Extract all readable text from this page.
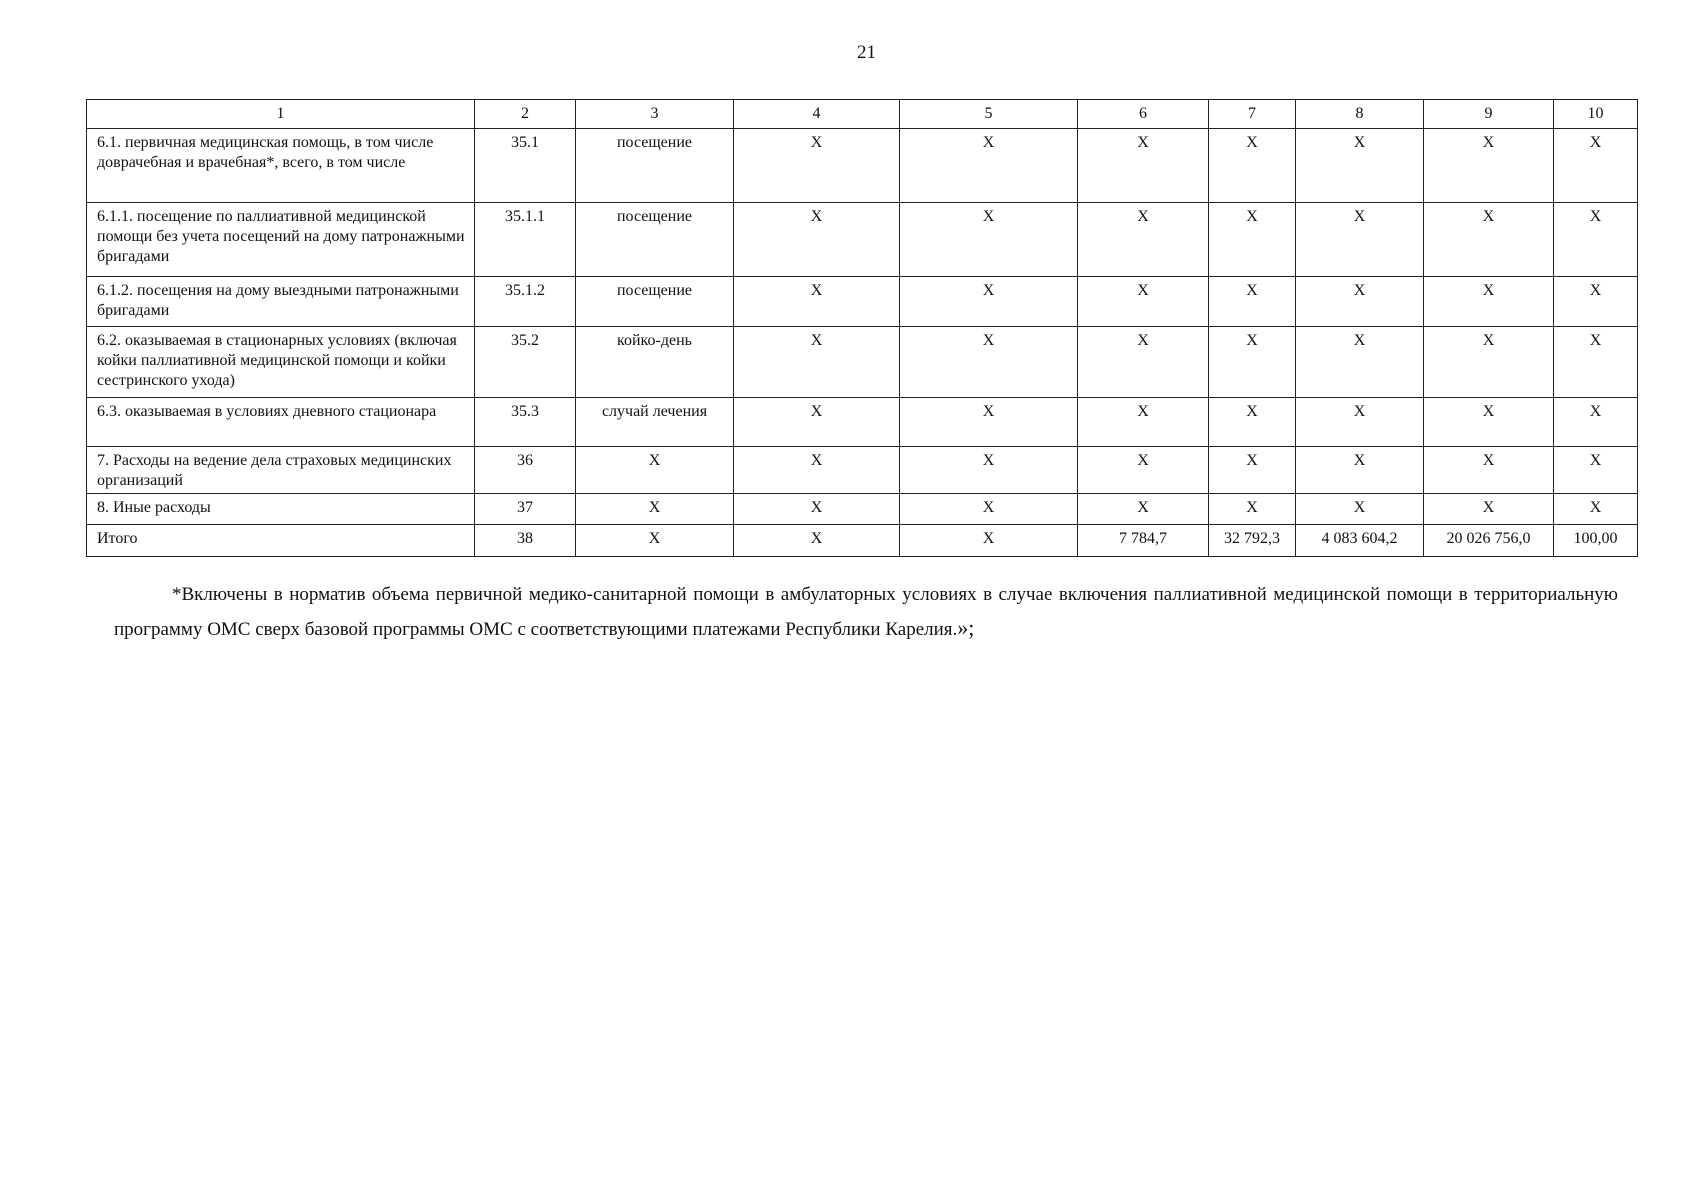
21
1	2	3	4	5	6	7	8	9	10
6.1. первичная медицинская помощь, в том числе доврачебная и врачебная*, всего, в том числе	35.1	посещение	X	X	X	X	X	X	X
6.1.1. посещение по паллиативной медицинской помощи без учета посещений на дому патронажными бригадами	35.1.1	посещение	X	X	X	X	X	X	X
6.1.2. посещения на дому выездными патронажными бригадами	35.1.2	посещение	X	X	X	X	X	X	X
6.2. оказываемая в стационарных условиях (включая койки паллиативной медицинской помощи и койки сестринского ухода)	35.2	койко-день	X	X	X	X	X	X	X
6.3. оказываемая в условиях дневного стационара	35.3	случай лечения	X	X	X	X	X	X	X
7. Расходы на ведение дела страховых медицинских организаций	36	X	X	X	X	X	X	X	X
8. Иные расходы	37	X	X	X	X	X	X	X	X
Итого	38	X	X	X	7 784,7	32 792,3	4 083 604,2	20 026 756,0	100,00
*Включены в норматив объема первичной медико-санитарной помощи в амбулаторных условиях в случае включения паллиативной медицинской помощи в территориальную программу ОМС сверх базовой программы ОМС с соответствующими платежами Республики Карелия.»;
